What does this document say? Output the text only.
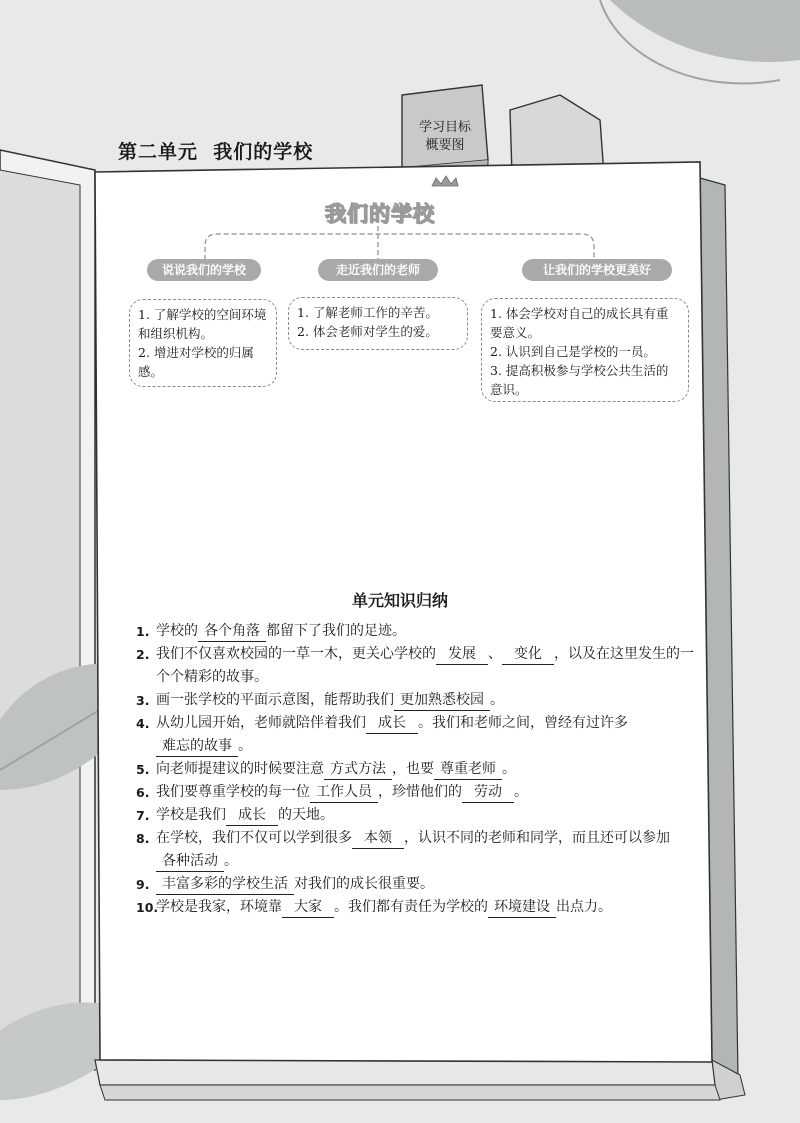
第二单元  我们的学校
学习目标
概要图
我们的学校
说说我们的学校	走近我们的老师	让我们的学校更美好
1. 了解学校的空间环境和组织机构。
2. 增进对学校的归属感。
1. 了解老师工作的辛苦。
2. 体会老师对学生的爱。
1. 体会学校对自己的成长具有重要意义。
2. 认识到自己是学校的一员。
3. 提高积极参与学校公共生活的意识。
单元知识归纳
1. 学校的 各个角落 都留下了我们的足迹。
2. 我们不仅喜欢校园的一草一木，更关心学校的 发展 、 变化 ，以及在这里发生的一个个精彩的故事。
3. 画一张学校的平面示意图，能帮助我们 更加熟悉校园 。
4. 从幼儿园开始，老师就陪伴着我们 成长 。我们和老师之间，曾经有过许多难忘的故事 。
5. 向老师提建议的时候要注意 方式方法 ，也要 尊重老师 。
6. 我们要尊重学校的每一位 工作人员 ，珍惜他们的 劳动 。
7. 学校是我们 成长 的天地。
8. 在学校，我们不仅可以学到很多 本领 ，认识不同的老师和同学，而且还可以参加各种活动 。
9. 丰富多彩的学校生活 对我们的成长很重要。
10.
学校是我家，环境靠 大家 。我们都有责任为学校的 环境建设 出点力。
